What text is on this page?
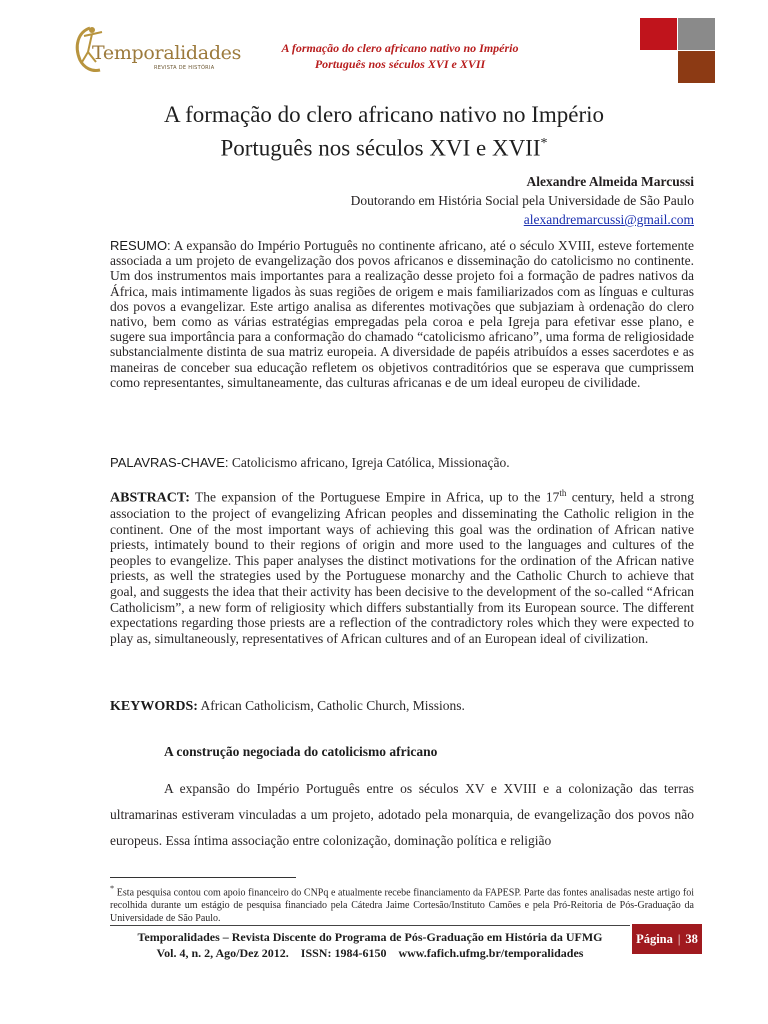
Temporalidades
REVISTA DE HISTÓRIA
A formação do clero africano nativo no Império
Português nos séculos XVI e XVII
A formação do clero africano nativo no Império
Português nos séculos XVI e XVII*
Alexandre Almeida Marcussi
Doutorando em História Social pela Universidade de São Paulo
alexandremarcussi@gmail.com
RESUMO: A expansão do Império Português no continente africano, até o século XVIII, esteve fortemente associada a um projeto de evangelização dos povos africanos e disseminação do catolicismo no continente. Um dos instrumentos mais importantes para a realização desse projeto foi a formação de padres nativos da África, mais intimamente ligados às suas regiões de origem e mais familiarizados com as línguas e culturas dos povos a evangelizar. Este artigo analisa as diferentes motivações que subjaziam à ordenação do clero nativo, bem como as várias estratégias empregadas pela coroa e pela Igreja para efetivar esse plano, e sugere sua importância para a conformação do chamado “catolicismo africano”, uma forma de religiosidade substancialmente distinta de sua matriz europeia. A diversidade de papéis atribuídos a esses sacerdotes e as maneiras de conceber sua educação refletem os objetivos contraditórios que se esperava que cumprissem como representantes, simultaneamente, das culturas africanas e de um ideal europeu de civilidade.
PALAVRAS-CHAVE: Catolicismo africano, Igreja Católica, Missionação.
ABSTRACT: The expansion of the Portuguese Empire in Africa, up to the 17th century, held a strong association to the project of evangelizing African peoples and disseminating the Catholic religion in the continent. One of the most important ways of achieving this goal was the ordination of African native priests, intimately bound to their regions of origin and more used to the languages and cultures of the peoples to evangelize. This paper analyses the distinct motivations for the ordination of the African native priests, as well the strategies used by the Portuguese monarchy and the Catholic Church to achieve that goal, and suggests the idea that their activity has been decisive to the development of the so-called “African Catholicism”, a new form of religiosity which differs substantially from its European source. The different expectations regarding those priests are a reflection of the contradictory roles which they were expected to play as, simultaneously, representatives of African cultures and of an European ideal of civilization.
KEYWORDS: African Catholicism, Catholic Church, Missions.
A construção negociada do catolicismo africano
A expansão do Império Português entre os séculos XV e XVIII e a colonização das terras ultramarinas estiveram vinculadas a um projeto, adotado pela monarquia, de evangelização dos povos não europeus. Essa íntima associação entre colonização, dominação política e religião
* Esta pesquisa contou com apoio financeiro do CNPq e atualmente recebe financiamento da FAPESP. Parte das fontes analisadas neste artigo foi recolhida durante um estágio de pesquisa financiado pela Cátedra Jaime Cortesão/Instituto Camões e pela Pró-Reitoria de Pós-Graduação da Universidade de São Paulo.
Temporalidades – Revista Discente do Programa de Pós-Graduação em História da UFMG
Vol. 4, n. 2, Ago/Dez 2012.    ISSN: 1984-6150    www.fafich.ufmg.br/temporalidades
Página | 38
